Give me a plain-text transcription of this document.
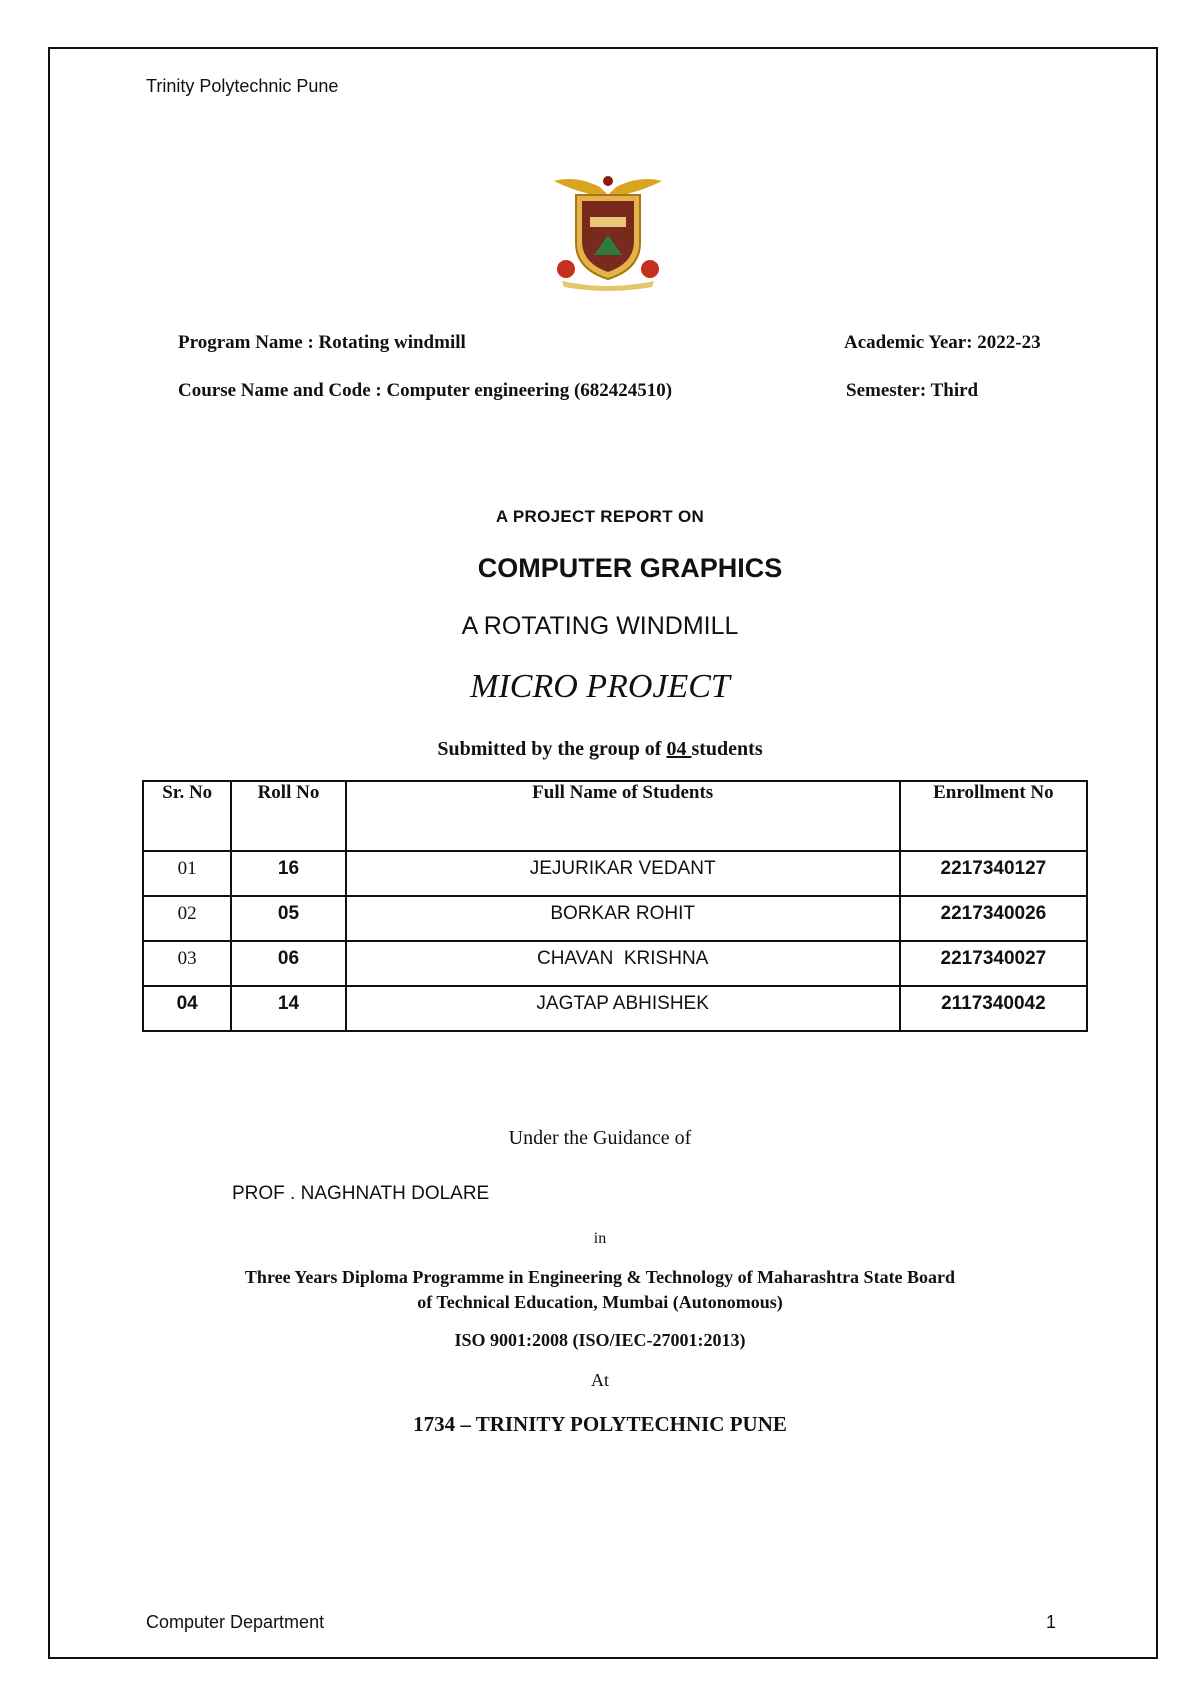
Trinity Polytechnic Pune
Program Name : Rotating windmill	Academic Year: 2022-23
Course Name and Code : Computer engineering (682424510)	Semester: Third
A PROJECT REPORT ON
COMPUTER GRAPHICS
A ROTATING WINDMILL
MICRO PROJECT
Submitted by the group of 04 students
Sr. No	Roll No	Full Name of Students	Enrollment No
01	16	JEJURIKAR VEDANT	2217340127
02	05	BORKAR ROHIT	2217340026
03	06	CHAVAN  KRISHNA	2217340027
04	14	JAGTAP ABHISHEK	2117340042
Under the Guidance of
PROF . NAGHNATH DOLARE
in
Three Years Diploma Programme in Engineering & Technology of Maharashtra State Board
of Technical Education, Mumbai (Autonomous)
ISO 9001:2008 (ISO/IEC-27001:2013)
At
1734 – TRINITY POLYTECHNIC PUNE
Computer Department	1
